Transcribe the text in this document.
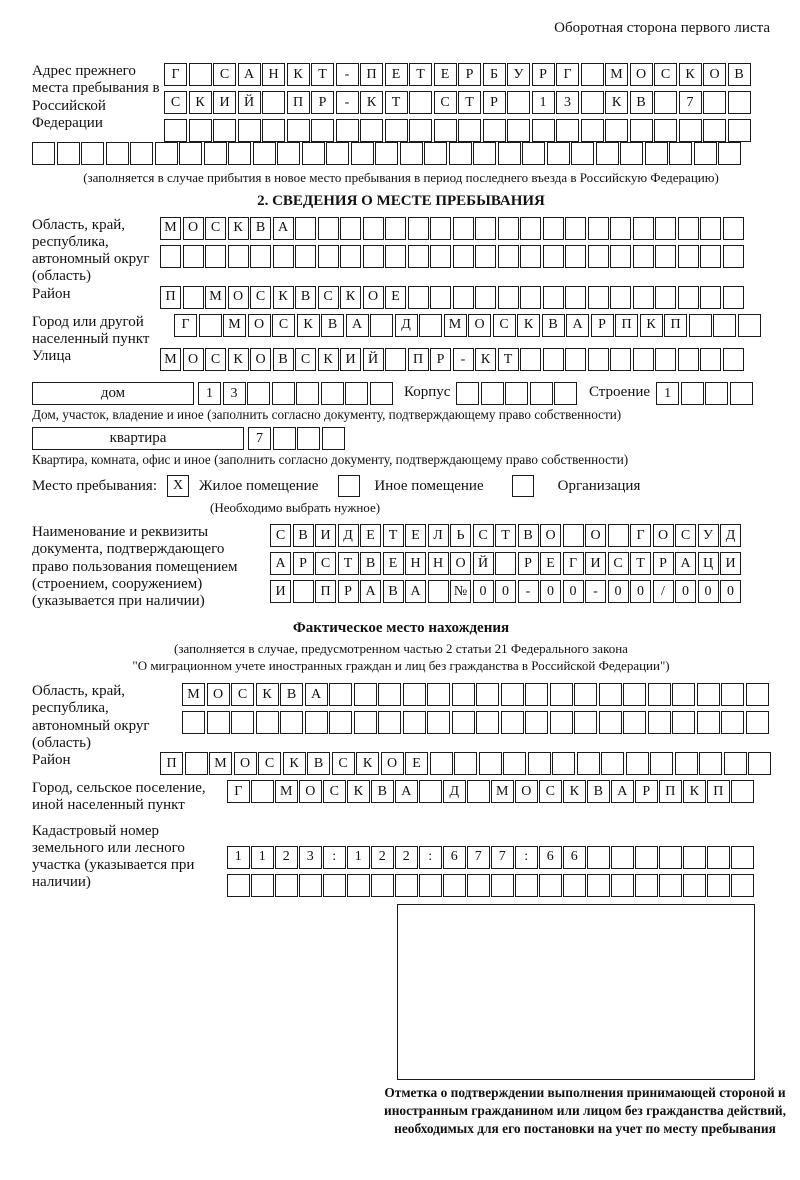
Оборотная сторона первого листа
Адрес прежнего места пребывания в Российской Федерации
Г	С	А	Н	К	Т	-	П	Е	Т	Е	Р	Б	У	Р	Г	М О	С	К	О	В
С	К	И	Й	П	Р	-	К	Т	С	Т	Р	1	3	К	В	7
(заполняется в случае прибытия в новое место пребывания в период последнего въезда в Российскую Федерацию)
2. СВЕДЕНИЯ О МЕСТЕ ПРЕБЫВАНИЯ
Область, край, республика, автономный округ (область)
М О С К В А
Район	П	М О С К В С К О Е
Город или другой населенный пункт
Г	М О	С	К	В	А	Д	М О	С	К	В	А	Р	П	К	П
Улица	М О С К О В С К И Й	П Р	-	К Т
дом	1	3	Корпус	Строение	1
Дом, участок, владение и иное (заполнить согласно документу, подтверждающему право собственности)
квартира	7
Квартира, комната, офис и иное (заполнить согласно документу, подтверждающему право собственности)
Место пребывания:	X	Жилое помещение	Иное помещение	Организация
(Необходимо выбрать нужное)
Наименование и реквизиты документа, подтверждающего право пользования помещением (строением, сооружением) (указывается при наличии)
С В И Д Е Т Е Л Ь С Т В О	О	Г О С У Д
А Р С Т В Е Н Н О Й	Р	Е	Г И С Т	Р А Ц И
И	П Р А В А	№ 0	0	-	0	0	-	0	0	/	0	0	0
Фактическое место нахождения
(заполняется в случае, предусмотренном частью 2 статьи 21 Федерального закона
"О миграционном учете иностранных граждан и лиц без гражданства в Российской Федерации")
Область, край, республика, автономный округ (область)
М О	С	К	В	А
Район	П	М О	С	К	В	С	К	О	Е
Город, сельское поселение, иной населенный пункт
Г	М О	С	К	В	А	Д	М О	С	К	В	А	Р	П	К	П
Кадастровый номер земельного или лесного участка (указывается при наличии)
1	1	2	3	:	1	2	2	:	6	7	7	:	6	6
Отметка о подтверждении выполнения принимающей стороной и иностранным гражданином или лицом без гражданства действий, необходимых для его постановки на учет по месту пребывания
